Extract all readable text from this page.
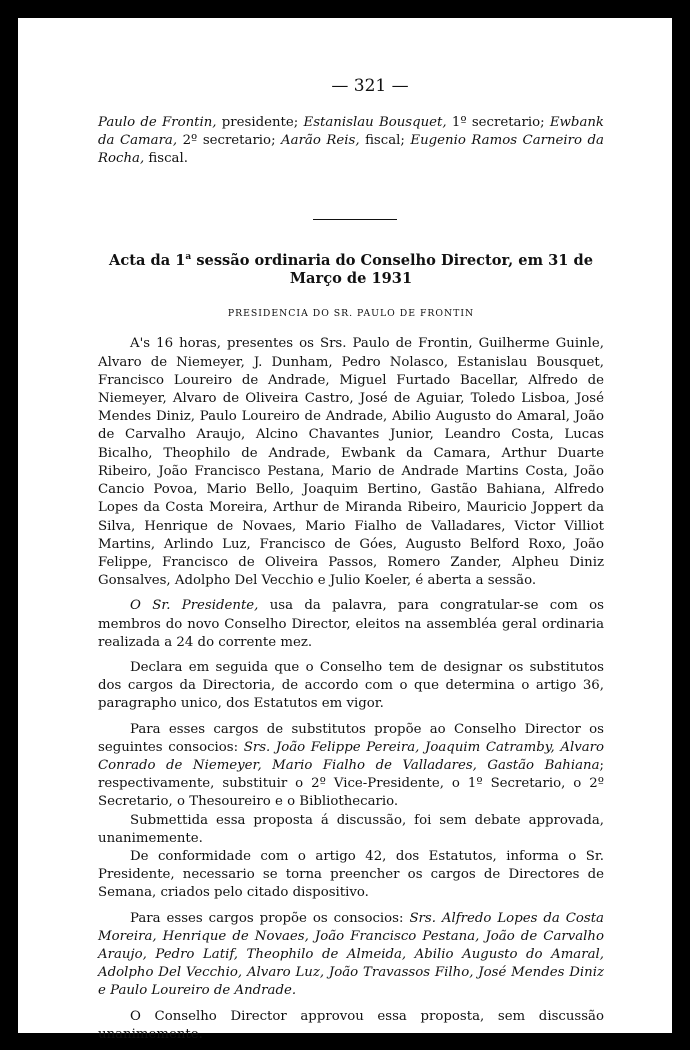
— 321 —

Paulo de Frontin, presidente; Estanislau Bousquet, 1º secretario; Ewbank da Camara, 2º secretario; Aarão Reis, fiscal; Eugenio Ramos Carneiro da Rocha, fiscal.

Acta da 1$^a$ sessão ordinaria do Conselho Director, em 31 de Março de 1931
PRESIDENCIA DO SR. PAULO DE FRONTIN

A's 16 horas, presentes os Srs. Paulo de Frontin, Guilherme Guinle, Alvaro de Niemeyer, J. Dunham, Pedro Nolasco, Estanislau Bousquet, Francisco Loureiro de Andrade, Miguel Furtado Bacellar, Alfredo de Niemeyer, Alvaro de Oliveira Castro, José de Aguiar, Toledo Lisboa, José Mendes Diniz, Paulo Loureiro de Andrade, Abilio Augusto do Amaral, João de Carvalho Araujo, Alcino Chavantes Junior, Leandro Costa, Lucas Bicalho, Theophilo de Andrade, Ewbank da Camara, Arthur Duarte Ribeiro, João Francisco Pestana, Mario de Andrade Martins Costa, João Cancio Povoa, Mario Bello, Joaquim Bertino, Gastão Bahiana, Alfredo Lopes da Costa Moreira, Arthur de Miranda Ribeiro, Mauricio Joppert da Silva, Henrique de Novaes, Mario Fialho de Valladares, Victor Villiot Martins, Arlindo Luz, Francisco de Góes, Augusto Belford Roxo, João Felippe, Francisco de Oliveira Passos, Romero Zander, Alpheu Diniz Gonsalves, Adolpho Del Vecchio e Julio Koeler, é aberta a sessão.

O Sr. Presidente, usa da palavra, para congratular-se com os membros do novo Conselho Director, eleitos na assembléa geral ordinaria realizada a 24 do corrente mez.

Declara em seguida que o Conselho tem de designar os substitutos dos cargos da Directoria, de accordo com o que determina o artigo 36, paragrapho unico, dos Estatutos em vigor.

Para esses cargos de substitutos propõe ao Conselho Director os seguintes consocios: Srs. João Felippe Pereira, Joaquim Catramby, Alvaro Conrado de Niemeyer, Mario Fialho de Valladares, Gastão Bahiana; respectivamente, substituir o 2º Vice-Presidente, o 1º Secretario, o 2º Secretario, o Thesoureiro e o Bibliothecario.

Submettida essa proposta á discussão, foi sem debate approvada, unanimemente.

De conformidade com o artigo 42, dos Estatutos, informa o Sr. Presidente, necessario se torna preencher os cargos de Directores de Semana, criados pelo citado dispositivo.

Para esses cargos propõe os consocios: Srs. Alfredo Lopes da Costa Moreira, Henrique de Novaes, João Francisco Pestana, João de Carvalho Araujo, Pedro Latif, Theophilo de Almeida, Abilio Augusto do Amaral, Adolpho Del Vecchio, Alvaro Luz, João Travassos Filho, José Mendes Diniz e Paulo Loureiro de Andrade.

O Conselho Director approvou essa proposta, sem discussão unanimemente.
